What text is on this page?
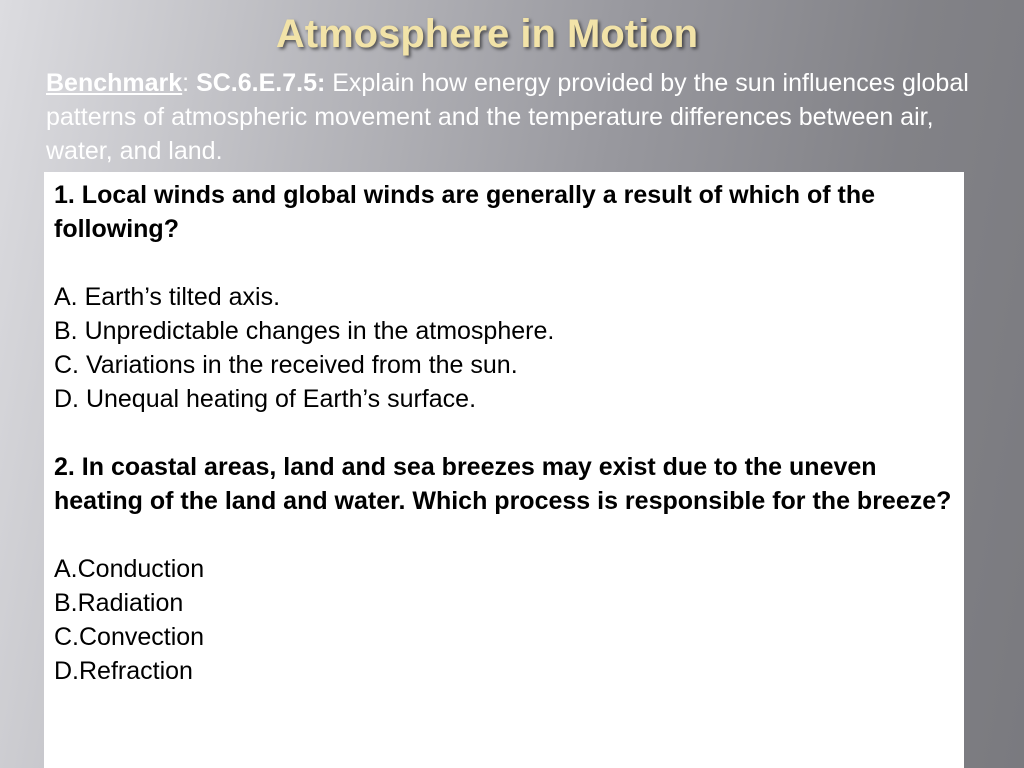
Atmosphere in Motion

Benchmark: SC.6.E.7.5: Explain how energy provided by the sun influences global patterns of atmospheric movement and the temperature differences between air, water, and land.

1. Local winds and global winds are generally a result of which of the following?

A. Earth’s tilted axis.
B. Unpredictable changes in the atmosphere.
C. Variations in the received from the sun.
D. Unequal heating of Earth’s surface.

2. In coastal areas, land and sea breezes may exist due to the uneven heating of the land and water. Which process is responsible for the breeze?

A.Conduction
B.Radiation
C.Convection
D.Refraction
